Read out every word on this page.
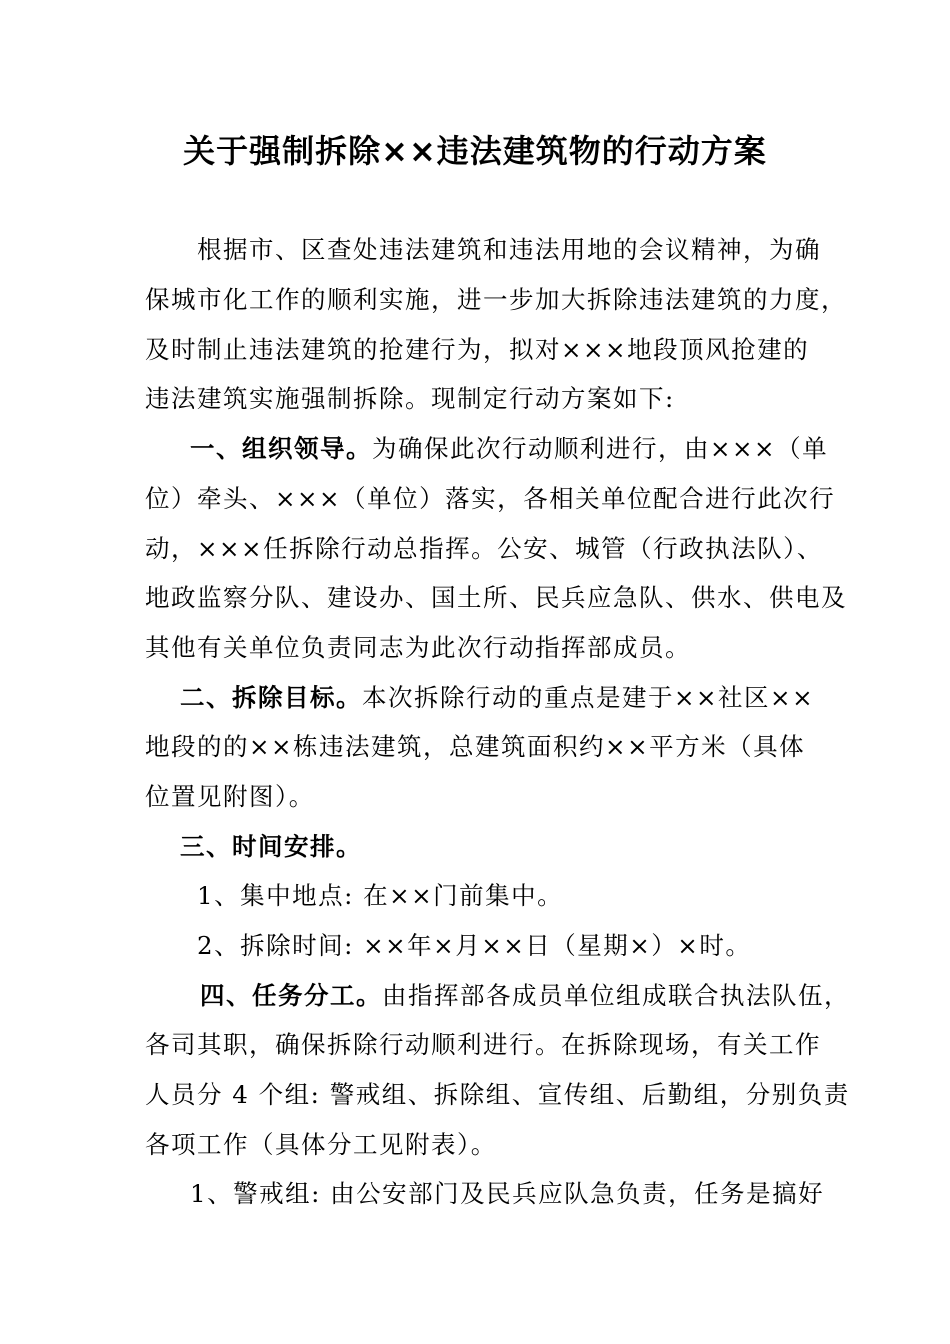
关于强制拆除××违法建筑物的行动方案
根据市、区查处违法建筑和违法用地的会议精神，为确
保城市化工作的顺利实施，进一步加大拆除违法建筑的力度，
及时制止违法建筑的抢建行为，拟对×××地段顶风抢建的
违法建筑实施强制拆除。现制定行动方案如下:
一、组织领导。为确保此次行动顺利进行，由×××（单
位）牵头、×××（单位）落实，各相关单位配合进行此次行
动，×××任拆除行动总指挥。公安、城管（行政执法队）、
地政监察分队、建设办、国土所、民兵应急队、供水、供电及
其他有关单位负责同志为此次行动指挥部成员。
二、拆除目标。本次拆除行动的重点是建于××社区××
地段的的××栋违法建筑，总建筑面积约××平方米（具体
位置见附图）。
三、时间安排。
1、集中地点: 在××门前集中。
2、拆除时间: ××年×月××日（星期×）×时。
四、任务分工。由指挥部各成员单位组成联合执法队伍，
各司其职，确保拆除行动顺利进行。在拆除现场，有关工作
人员分 4 个组: 警戒组、拆除组、宣传组、后勤组，分别负责
各项工作（具体分工见附表）。
1、警戒组: 由公安部门及民兵应队急负责，任务是搞好
